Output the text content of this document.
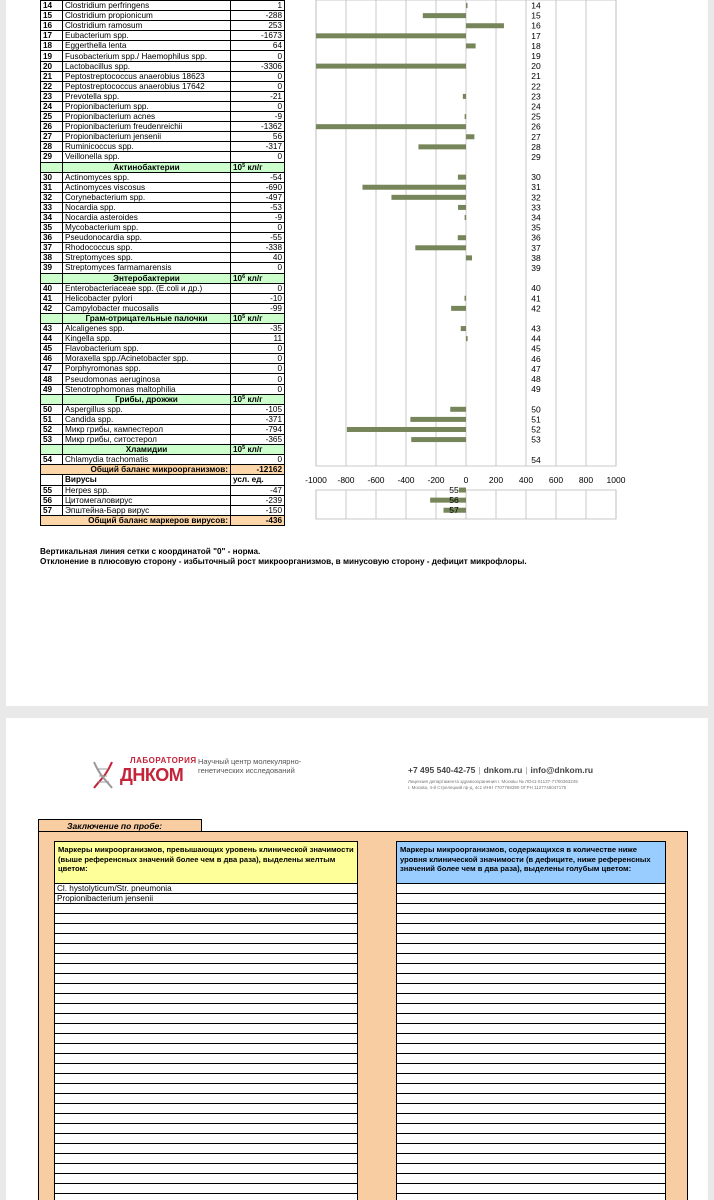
14	Clostridium perfringens	1
15	Clostridium propionicum	-288
16	Clostridium ramosum	253
17	Eubacterium spp.	-1673
18	Eggerthella lenta	64
19	Fusobacterium spp./ Haemophilus spp.	0
20	Lactobacillus spp.	-3306
21	Peptostreptococcus anaerobius 18623	0
22	Peptostreptococcus anaerobius 17642	0
23	Prevotella spp.	-21
24	Propionibacterium spp.	0
25	Propionibacterium acnes	-9
26	Propionibacterium freudenreichii	-1362
27	Propionibacterium jensenii	56
28	Ruminicoccus spp.	-317
29	Veillonella spp.	0
	Актинобактерии	$10^5$ кл/г
30	Actinomyces spp.	-54
31	Actinomyces viscosus	-690
32	Corynebacterium spp.	-497
33	Nocardia spp.	-53
34	Nocardia asteroides	-9
35	Mycobacterium spp.	0
36	Pseudonocardia spp.	-55
37	Rhodococcus spp.	-338
38	Streptomyces spp.	40
39	Streptomyces farmamarensis	0
	Энтеробактерии	$10^6$ кл/г
40	Enterobacteriaceae spp. (E.coli и др.)	0
41	Helicobacter pylori	-10
42	Campylobacter mucosalis	-99
	Грам-отрицательные палочки	$10^5$ кл/г
43	Alcaligenes spp.	-35
44	Kingella spp.	11
45	Flavobacterium spp.	0
46	Moraxella spp./Acinetobacter spp.	0
47	Porphyromonas spp.	0
48	Pseudomonas aeruginosa	0
49	Stenotrophomonas maltophilia	0
	Грибы, дрожжи	$10^5$ кл/г
50	Aspergillus spp.	-105
51	Candida spp.	-371
52	Микр грибы, кампестерол	-794
53	Микр грибы, ситостерол	-365
	Хламидии	$10^5$ кл/г
54	Chlamydia trachomatis	0
Общий баланс микроорганизмов:		-12162
	Вирусы	усл. ед.
55	Herpes spp.	-47
56	Цитомегаловирус	-239
57	Эпштейна-Барр вирус	-150
Общий баланс маркеров вирусов:		-436
-1000 -800 -600 -400 -200 0 200 400 600 800 1000
14
15
16
17
18
19
20
21
22
23
24
25
26
27
28
29
30
31
32
33
34
35
36
37
38
39
40
41
42
43
44
45
46
47
48
49
50
51
52
53
54
55
56
57
Вертикальная линия сетки с координатой "0" - норма.
Отклонение в плюсовую сторону - избыточный рост микроорганизмов, в минусовую сторону - дефицит микрофлоры.
ЛАБОРАТОРИЯ
ДНКОМ
Научный центр молекулярно-генетических исследований	+7 495 540-42-75 | dnkom.ru | info@dnkom.ru
Лицензия департамента здравоохранения г. Москвы № ЛО41-01137-77/00363245
г. Москва, 4-й Стрелецкий пр-д, 4с1 ИНН 7707768390 ОГРН 1127746047175
Заключение по пробе:
Маркеры микроорганизмов, превышающих уровень клинической значимости (выше референсных значений более чем в два раза), выделены желтым цветом:
Cl. hystolyticum/Str. pneumonia
Propionibacterium jensenii
Маркеры микроорганизмов, содержащихся в количестве ниже уровня клинической значимости (в дефиците, ниже референсных значений более чем в два раза), выделены голубым цветом:
